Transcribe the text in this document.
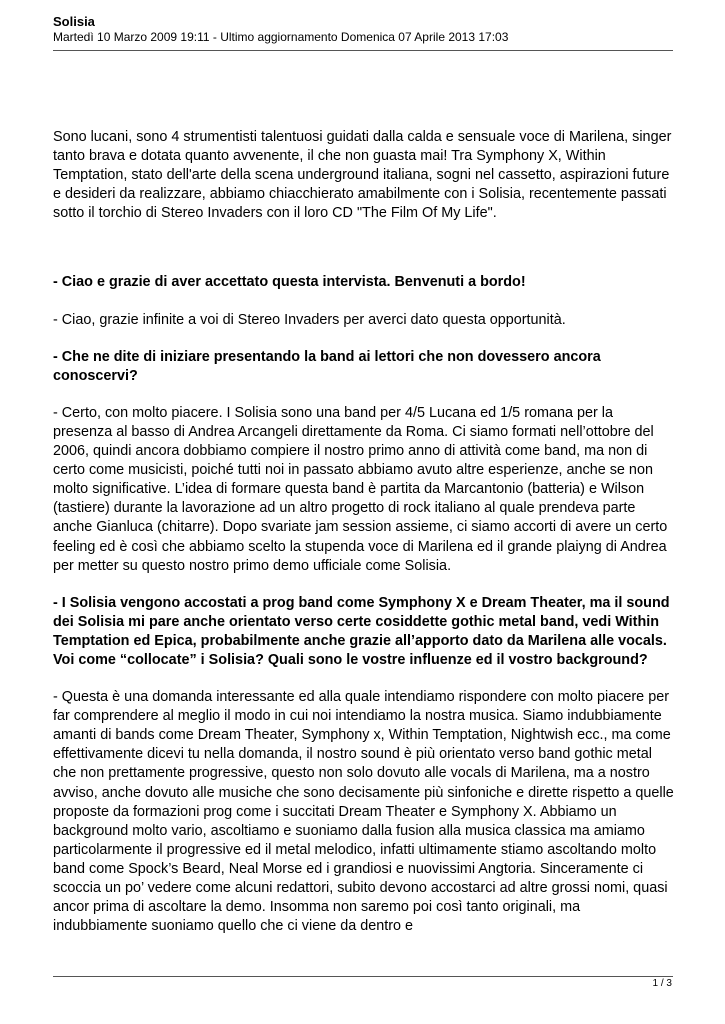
Solisia
Martedì 10 Marzo 2009 19:11 - Ultimo aggiornamento Domenica 07 Aprile 2013 17:03

Sono lucani, sono 4 strumentisti talentuosi guidati dalla calda e sensuale voce di Marilena, singer tanto brava e dotata quanto avvenente, il che non guasta mai! Tra Symphony X, Within Temptation, stato dell'arte della scena underground italiana, sogni nel cassetto, aspirazioni future e desideri da realizzare, abbiamo chiacchierato amabilmente con i Solisia, recentemente passati sotto il torchio di Stereo Invaders con il loro CD "The Film Of My Life".

- Ciao e grazie di aver accettato questa intervista. Benvenuti a bordo!

- Ciao, grazie infinite a voi di Stereo Invaders per averci dato questa opportunità.

- Che ne dite di iniziare presentando la band ai lettori che non dovessero ancora conoscervi?

- Certo, con molto piacere. I Solisia sono una band per 4/5 Lucana ed 1/5 romana per la presenza al basso di Andrea Arcangeli direttamente da Roma. Ci siamo formati nell’ottobre del 2006, quindi ancora dobbiamo compiere il nostro primo anno di attività come band, ma non di certo come musicisti, poiché tutti noi in passato abbiamo avuto altre esperienze, anche se non molto significative. L’idea di formare questa band è partita da Marcantonio (batteria) e Wilson (tastiere) durante la lavorazione ad un altro progetto di rock italiano al quale prendeva parte anche Gianluca (chitarre). Dopo svariate jam session assieme, ci siamo accorti di avere un certo feeling ed è così che abbiamo scelto la stupenda voce di Marilena ed il grande plaiyng di Andrea per metter su questo nostro primo demo ufficiale come Solisia.

- I Solisia vengono accostati a prog band come Symphony X e Dream Theater, ma il sound dei Solisia mi pare anche orientato verso certe cosiddette gothic metal band, vedi Within Temptation ed Epica, probabilmente anche grazie all’apporto dato da Marilena alle vocals. Voi come “collocate” i Solisia? Quali sono le vostre influenze ed il vostro background?

- Questa è una domanda interessante ed alla quale intendiamo rispondere con molto piacere per far comprendere al meglio il modo in cui noi intendiamo la nostra musica. Siamo indubbiamente amanti di bands come Dream Theater, Symphony x, Within Temptation, Nightwish ecc., ma come effettivamente dicevi tu nella domanda, il nostro sound è più orientato verso band gothic metal che non prettamente progressive, questo non solo dovuto alle vocals di Marilena, ma a nostro avviso, anche dovuto alle musiche che sono decisamente più sinfoniche e dirette rispetto a quelle proposte da formazioni prog come i succitati Dream Theater e Symphony X. Abbiamo un background molto vario, ascoltiamo e suoniamo dalla fusion alla musica classica ma amiamo particolarmente il progressive ed il metal melodico, infatti ultimamente stiamo ascoltando molto band come Spock’s Beard, Neal Morse ed i grandiosi e nuovissimi Angtoria. Sinceramente ci scoccia un po’ vedere come alcuni redattori, subito devono accostarci ad altre grossi nomi, quasi ancor prima di ascoltare la demo. Insomma non saremo poi così tanto originali, ma indubbiamente suoniamo quello che ci viene da dentro e

1 / 3
